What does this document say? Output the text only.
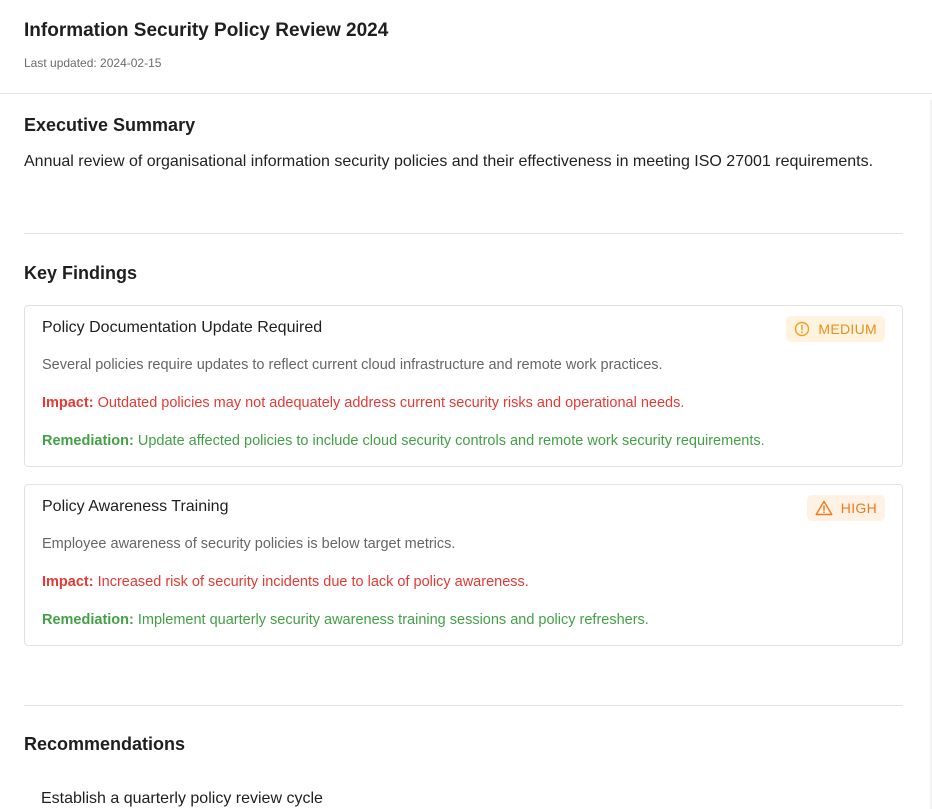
Information Security Policy Review 2024
Last updated: 2024-02-15
Executive Summary
Annual review of organisational information security policies and their effectiveness in meeting ISO 27001 requirements.
Key Findings
Policy Documentation Update Required	MEDIUM
Several policies require updates to reflect current cloud infrastructure and remote work practices.
Impact: Outdated policies may not adequately address current security risks and operational needs.
Remediation: Update affected policies to include cloud security controls and remote work security requirements.
Policy Awareness Training	HIGH
Employee awareness of security policies is below target metrics.
Impact: Increased risk of security incidents due to lack of policy awareness.
Remediation: Implement quarterly security awareness training sessions and policy refreshers.
Recommendations
Establish a quarterly policy review cycle
